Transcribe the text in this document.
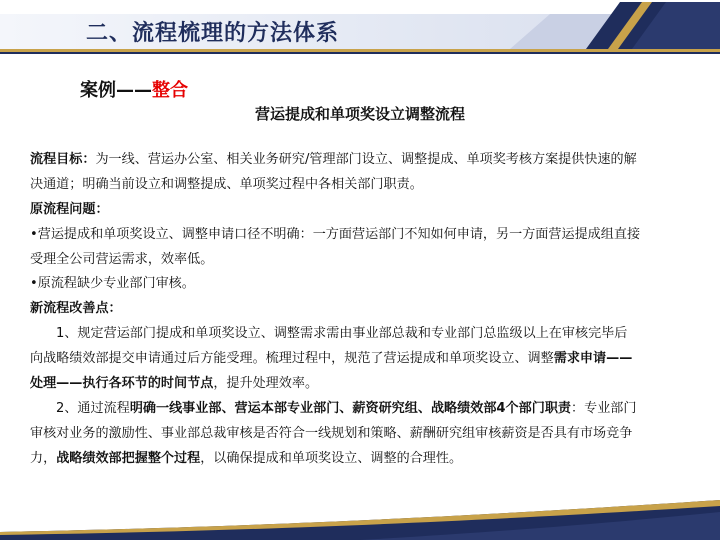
二、流程梳理的方法体系
案例——整合
营运提成和单项奖设立调整流程
流程目标：为一线、营运办公室、相关业务研究/管理部门设立、调整提成、单项奖考核方案提供快速的解
决通道；明确当前设立和调整提成、单项奖过程中各相关部门职责。
原流程问题：
•营运提成和单项奖设立、调整申请口径不明确：一方面营运部门不知如何申请，另一方面营运提成组直接
受理全公司营运需求，效率低。
•原流程缺少专业部门审核。
新流程改善点：
1、规定营运部门提成和单项奖设立、调整需求需由事业部总裁和专业部门总监级以上在审核完毕后
向战略绩效部提交申请通过后方能受理。梳理过程中，规范了营运提成和单项奖设立、调整需求申请——
处理——执行各环节的时间节点，提升处理效率。
2、通过流程明确一线事业部、营运本部专业部门、薪资研究组、战略绩效部4个部门职责：专业部门
审核对业务的激励性、事业部总裁审核是否符合一线规划和策略、薪酬研究组审核薪资是否具有市场竞争
力，战略绩效部把握整个过程，以确保提成和单项奖设立、调整的合理性。
